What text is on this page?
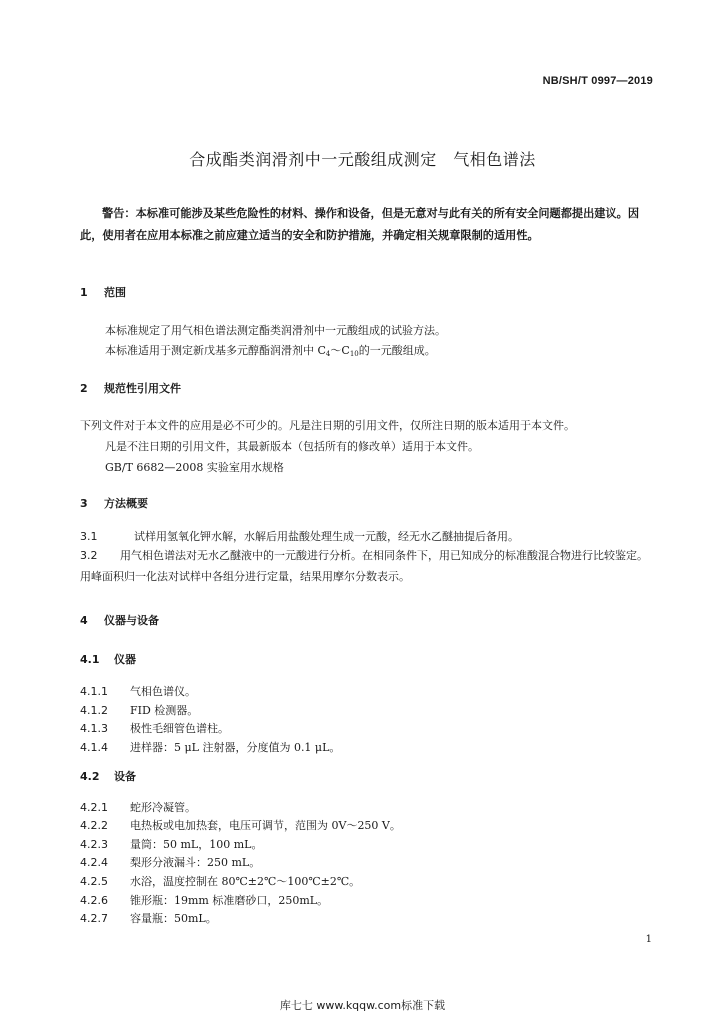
NB/SH/T 0997—2019
合成酯类润滑剂中一元酸组成测定　气相色谱法
警告：本标准可能涉及某些危险性的材料、操作和设备，但是无意对与此有关的所有安全问题都提出建议。因此，使用者在应用本标准之前应建立适当的安全和防护措施，并确定相关规章限制的适用性。
1 范围
本标准规定了用气相色谱法测定酯类润滑剂中一元酸组成的试验方法。
本标准适用于测定新戊基多元醇酯润滑剂中 $C_4\sim C_{10}$的一元酸组成。
2 规范性引用文件
下列文件对于本文件的应用是必不可少的。凡是注日期的引用文件，仅所注日期的版本适用于本文件。
凡是不注日期的引用文件，其最新版本（包括所有的修改单）适用于本文件。
GB/T 6682—2008 实验室用水规格
3 方法概要
3.1	试样用氢氧化钾水解，水解后用盐酸处理生成一元酸，经无水乙醚抽提后备用。
3.2 用气相色谱法对无水乙醚液中的一元酸进行分析。在相同条件下，用已知成分的标准酸混合物进行比较鉴定。用峰面积归一化法对试样中各组分进行定量，结果用摩尔分数表示。
4 仪器与设备
4.1 仪器
4.1.1 气相色谱仪。
4.1.2 FID 检测器。
4.1.3 极性毛细管色谱柱。
4.1.4 进样器：5 μL 注射器，分度值为 0.1 μL。
4.2 设备
4.2.1 蛇形冷凝管。
4.2.2 电热板或电加热套，电压可调节，范围为 0V～250 V。
4.2.3 量筒：50 mL，100 mL。
4.2.4 梨形分液漏斗：250 mL。
4.2.5 水浴，温度控制在 80℃±2℃～100℃±2℃。
4.2.6 锥形瓶：19mm 标准磨砂口，250mL。
4.2.7 容量瓶：50mL。
1
库七七 www.kqqw.com标准下载
